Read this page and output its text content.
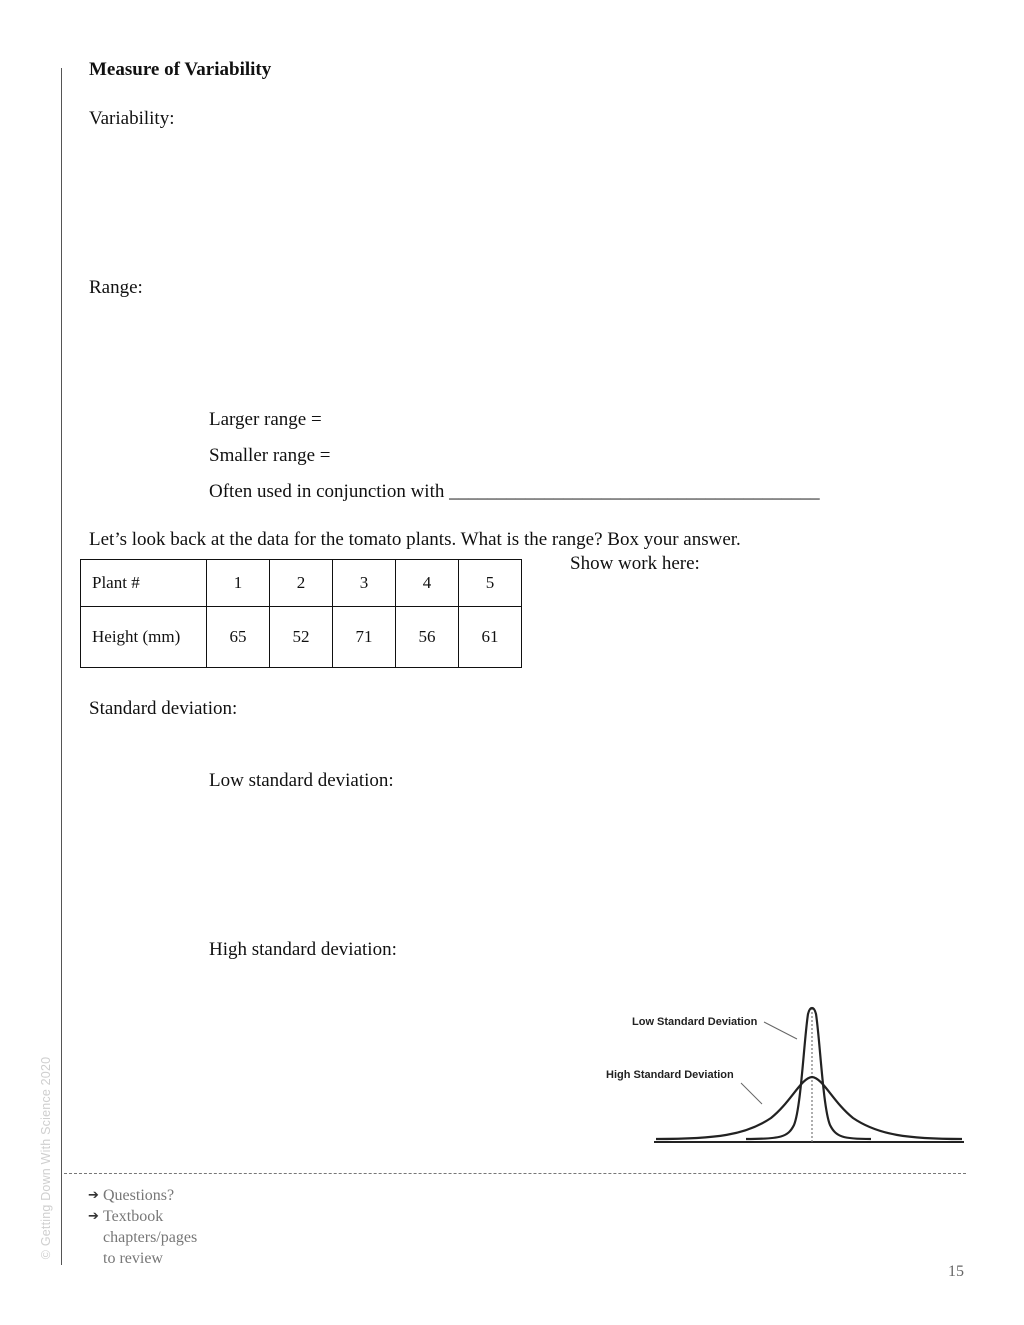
© Getting Down With Science 2020
Measure of Variability
Variability:
Range:
Larger range =
Smaller range =
Often used in conjunction with _______________________________________
Let’s look back at the data for the tomato plants. What is the range? Box your answer.
Show work here:
Plant #	1	2	3	4	5
Height (mm)	65	52	71	56	61
Standard deviation:
Low standard deviation:
High standard deviation:
Low Standard Deviation
High Standard Deviation
➔ Questions?
➔ Textbook
chapters/pages
to review
15
